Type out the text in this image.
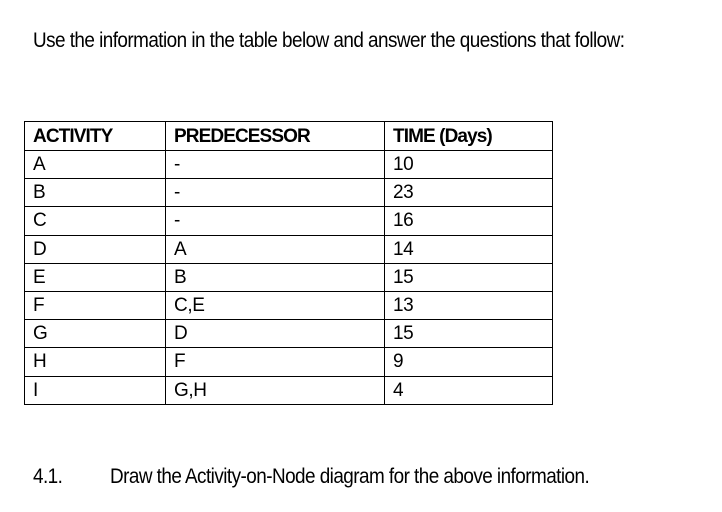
Use the information in the table below and answer the questions that follow:
ACTIVITY	PREDECESSOR	TIME (Days)
A	-	10
B	-	23
C	-	16
D	A	14
E	B	15
F	C,E	13
G	D	15
H	F	9
I	G,H	4
4.1. Draw the Activity-on-Node diagram for the above information.
